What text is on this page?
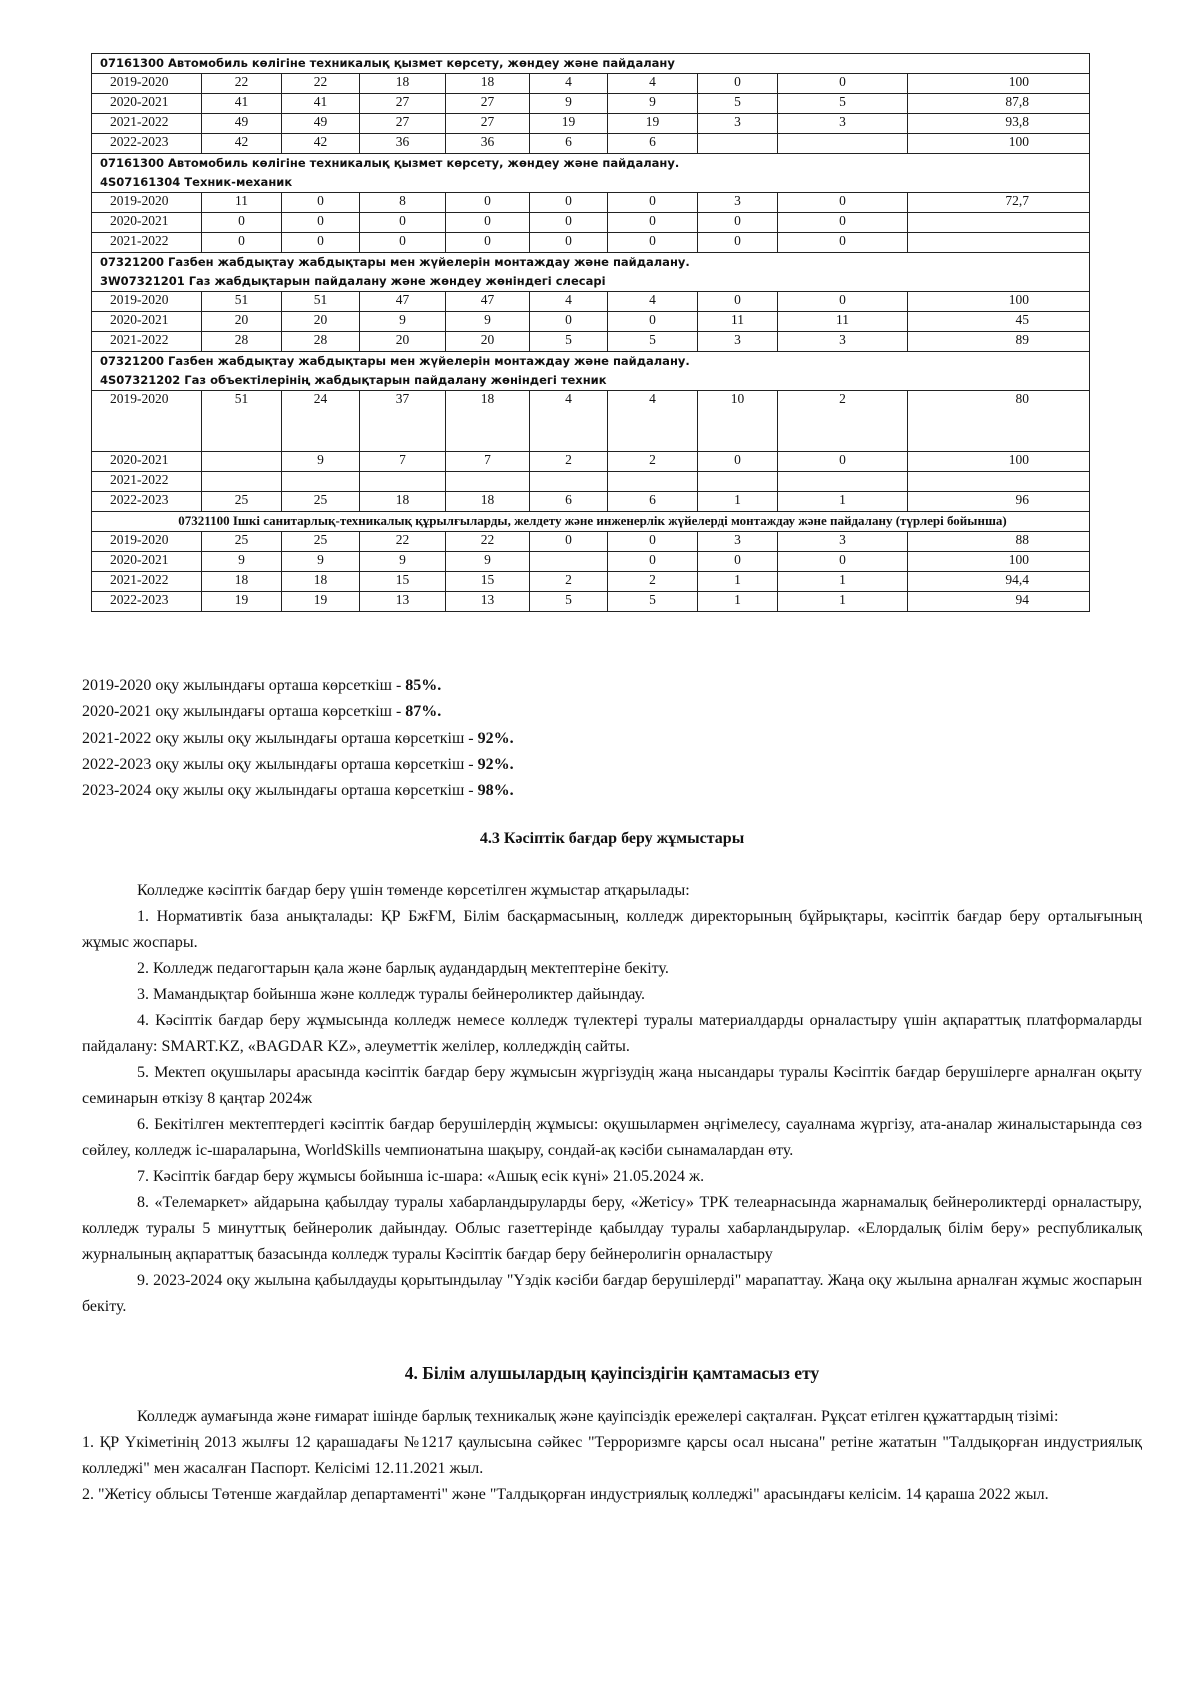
07161300 Автомобиль көлігіне техникалық қызмет көрсету, жөндеу және пайдалану									

2019-2020	22	22	18	18	4	4	0	0	100
2020-2021	41	41	27	27	9	9	5	5	87,8
2021-2022	49	49	27	27	19	19	3	3	93,8
2022-2023	42	42	36	36	6	6			100

07161300 Автомобиль көлігіне техникалық қызмет көрсету, жөндеу және пайдалану.
4S07161304 Техник-механик									

2019-2020	11	0	8	0	0	0	3	0	72,7
2020-2021	0	0	0	0	0	0	0	0	
2021-2022	0	0	0	0	0	0	0	0	

07321200 Газбен жабдықтау жабдықтары мен жүйелерін монтаждау және пайдалану.
3W07321201 Газ жабдықтарын пайдалану және жөндеу жөніндегі слесарі									

2019-2020	51	51	47	47	4	4	0	0	100
2020-2021	20	20	9	9	0	0	11	11	45
2021-2022	28	28	20	20	5	5	3	3	89

07321200 Газбен жабдықтау жабдықтары мен жүйелерін монтаждау және пайдалану.
4S07321202 Газ объектілерінің жабдықтарын пайдалану жөніндегі техник									

2019-2020	51	24	37	18	4	4	10	2	80
2020-2021		9	7	7	2	2	0	0	100
2021-2022									
2022-2023	25	25	18	18	6	6	1	1	96

07321100 Ішкі санитарлық-техникалық құрылғыларды, желдету және инженерлік жүйелерді монтаждау және пайдалану (түрлері бойынша)									

2019-2020	25	25	22	22	0	0	3	3	88
2020-2021	9	9	9	9		0	0	0	100
2021-2022	18	18	15	15	2	2	1	1	94,4
2022-2023	19	19	13	13	5	5	1	1	94
2019-2020 оқу жылындағы орташа көрсеткіш - 85%.
2020-2021 оқу жылындағы орташа көрсеткіш - 87%.
2021-2022 оқу жылы оқу жылындағы орташа көрсеткіш - 92%.
2022-2023 оқу жылы оқу жылындағы орташа көрсеткіш - 92%.
2023-2024 оқу жылы оқу жылындағы орташа көрсеткіш - 98%.
4.3 Кәсіптік бағдар беру жұмыстары

Колледже кәсіптік бағдар беру үшін төменде көрсетілген жұмыстар атқарылады:

1. Нормативтік база анықталады: ҚР БжҒМ, Білім басқармасының, колледж директорының бұйрықтары, кәсіптік бағдар беру орталығының жұмыс жоспары.

2. Колледж педагогтарын қала және барлық аудандардың мектептеріне бекіту.

3. Мамандықтар бойынша және колледж туралы бейнероликтер дайындау.

4. Кәсіптік бағдар беру жұмысында колледж немесе колледж түлектері туралы материалдарды орналастыру үшін ақпараттық платформаларды пайдалану: SMART.KZ, «BAGDAR KZ», әлеуметтік желілер, колледждің сайты.

5. Мектеп оқушылары арасында кәсіптік бағдар беру жұмысын жүргізудің жаңа нысандары туралы Кәсіптік бағдар берушілерге арналған оқыту семинарын өткізу 8 қаңтар 2024ж

6. Бекітілген мектептердегі кәсіптік бағдар берушілердің жұмысы: оқушылармен әңгімелесу, сауалнама жүргізу, ата-аналар жиналыстарында сөз сөйлеу, колледж іс-шараларына, WorldSkills чемпионатына шақыру, сондай-ақ кәсіби сынамалардан өту.

7. Кәсіптік бағдар беру жұмысы бойынша іс-шара: «Ашық есік күні» 21.05.2024 ж.

8. «Телемаркет» айдарына қабылдау туралы хабарландыруларды беру, «Жетісу» ТРК телеарнасында жарнамалық бейнероликтерді орналастыру, колледж туралы 5 минуттық бейнеролик дайындау. Облыс газеттерінде қабылдау туралы хабарландырулар. «Елордалық білім беру» республикалық журналының ақпараттық базасында колледж туралы Кәсіптік бағдар беру бейнеролигін орналастыру

9. 2023-2024 оқу жылына қабылдауды қорытындылау "Үздік кәсіби бағдар берушілерді" марапаттау. Жаңа оқу жылына арналған жұмыс жоспарын бекіту.

4. Білім алушылардың қауіпсіздігін қамтамасыз ету

Колледж аумағында және ғимарат ішінде барлық техникалық және қауіпсіздік ережелері сақталған. Рұқсат етілген құжаттардың тізімі:

1. ҚР Үкіметінің 2013 жылғы 12 қарашадағы №1217 қаулысына сәйкес "Терроризмге қарсы осал нысана" ретіне жататын "Талдықорған индустриялық колледжі" мен жасалған Паспорт. Келісімі 12.11.2021 жыл.

2. "Жетісу облысы Төтенше жағдайлар департаменті" және "Талдықорған индустриялық колледжі" арасындағы келісім. 14 қараша 2022 жыл.
